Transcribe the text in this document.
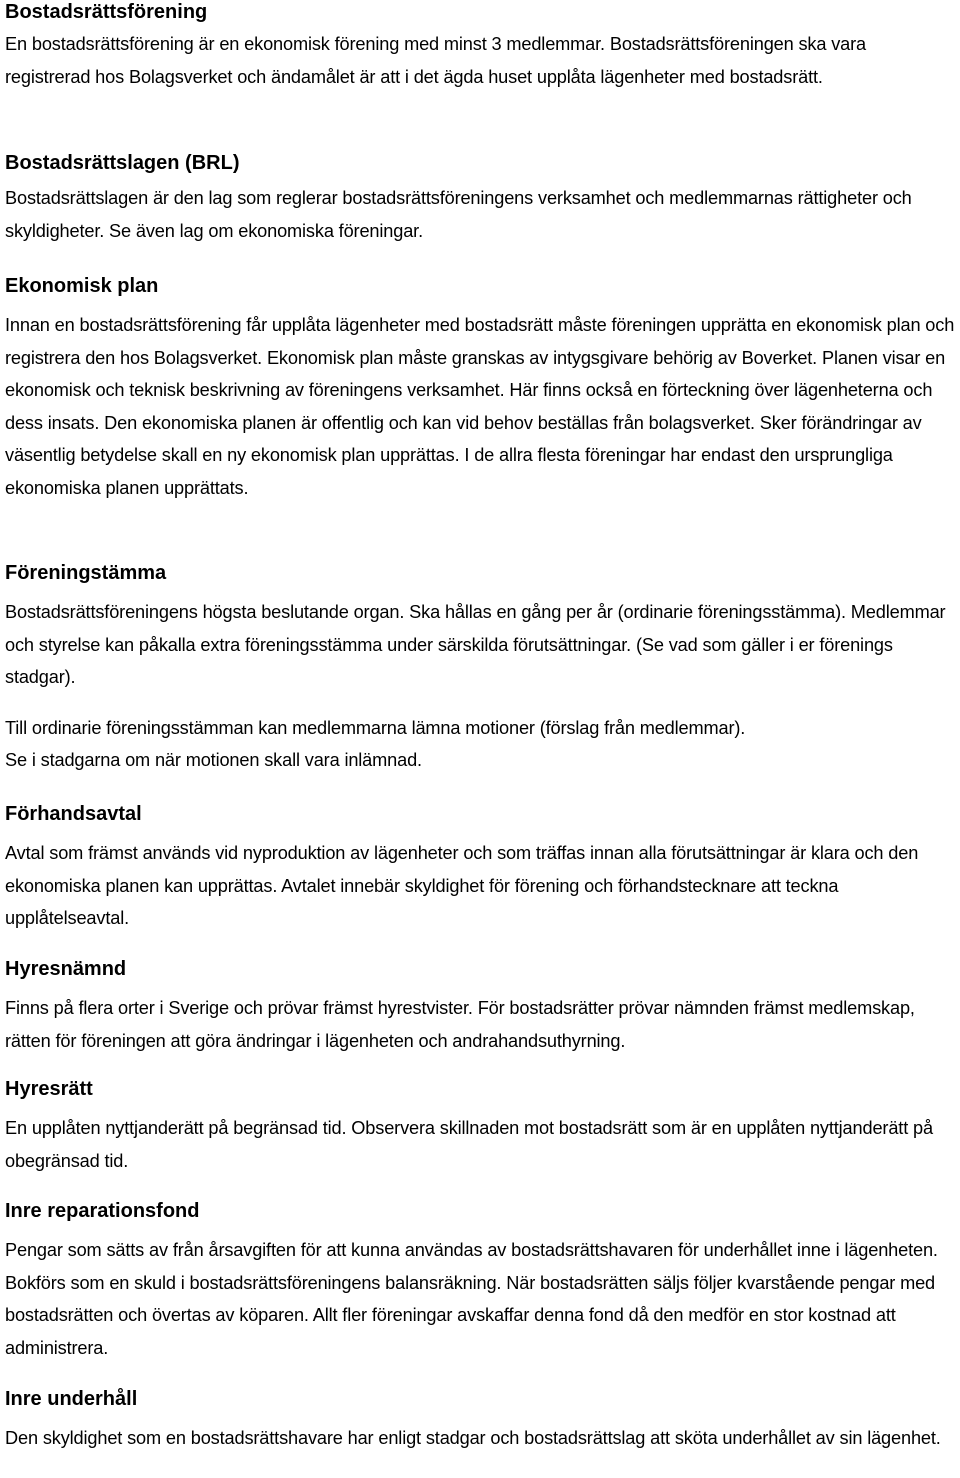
Bostadsrättsförening

En bostadsrättsförening är en ekonomisk förening med minst 3 medlemmar. Bostadsrättsföreningen ska vara registrerad hos Bolagsverket och ändamålet är att i det ägda huset upplåta lägenheter med bostadsrätt.

Bostadsrättslagen (BRL)

Bostadsrättslagen är den lag som reglerar bostadsrättsföreningens verksamhet och medlemmarnas rättigheter och skyldigheter. Se även lag om ekonomiska föreningar.

Ekonomisk plan

Innan en bostadsrättsförening får upplåta lägenheter med bostadsrätt måste föreningen upprätta en ekonomisk plan och registrera den hos Bolagsverket. Ekonomisk plan måste granskas av intygsgivare behörig av Boverket. Planen visar en ekonomisk och teknisk beskrivning av föreningens verksamhet. Här finns också en förteckning över lägenheterna och dess insats. Den ekonomiska planen är offentlig och kan vid behov beställas från bolagsverket. Sker förändringar av väsentlig betydelse skall en ny ekonomisk plan upprättas. I de allra flesta föreningar har endast den ursprungliga ekonomiska planen upprättats.

Föreningstämma

Bostadsrättsföreningens högsta beslutande organ. Ska hållas en gång per år (ordinarie föreningsstämma). Medlemmar och styrelse kan påkalla extra föreningsstämma under särskilda förutsättningar. (Se vad som gäller i er förenings stadgar).

Till ordinarie föreningsstämman kan medlemmarna lämna motioner (förslag från medlemmar).

Se i stadgarna om när motionen skall vara inlämnad.

Förhandsavtal

Avtal som främst används vid nyproduktion av lägenheter och som träffas innan alla förutsättningar är klara och den ekonomiska planen kan upprättas. Avtalet innebär skyldighet för förening och förhandstecknare att teckna upplåtelseavtal.

Hyresnämnd

Finns på flera orter i Sverige och prövar främst hyrestvister. För bostadsrätter prövar nämnden främst medlemskap, rätten för föreningen att göra ändringar i lägenheten och andrahandsuthyrning.

Hyresrätt

En upplåten nyttjanderätt på begränsad tid. Observera skillnaden mot bostadsrätt som är en upplåten nyttjanderätt på obegränsad tid.

Inre reparationsfond

Pengar som sätts av från årsavgiften för att kunna användas av bostadsrättshavaren för underhållet inne i lägenheten. Bokförs som en skuld i bostadsrättsföreningens balansräkning. När bostadsrätten säljs följer kvarstående pengar med bostadsrätten och övertas av köparen. Allt fler föreningar avskaffar denna fond då den medför en stor kostnad att administrera.

Inre underhåll

Den skyldighet som en bostadsrättshavare har enligt stadgar och bostadsrättslag att sköta underhållet av sin lägenhet.
